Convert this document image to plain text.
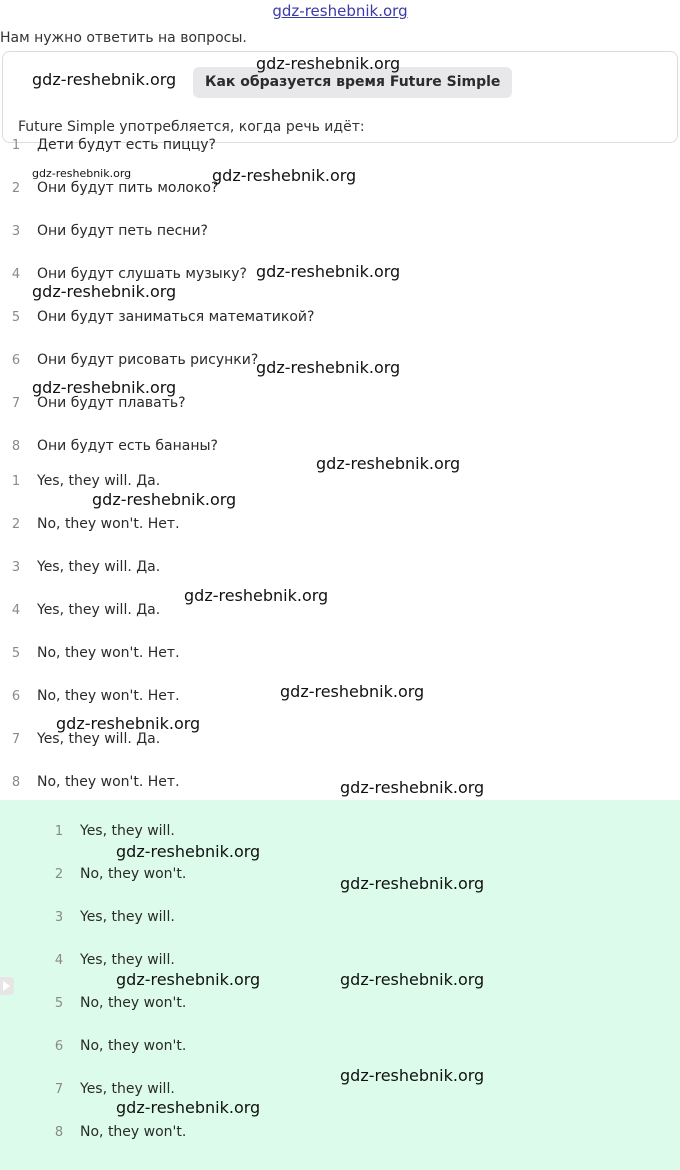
gdz-reshebnik.org
Нам нужно ответить на вопросы.
Как образуется время Future Simple
Future Simple употребляется, когда речь идёт:
1 Дети будут есть пиццу?
2 Они будут пить молоко?
3 Они будут петь песни?
4 Они будут слушать музыку?
5 Они будут заниматься математикой?
6 Они будут рисовать рисунки?
7 Они будут плавать?
8 Они будут есть бананы?
1 Yes, they will. Да.
2 No, they won't. Нет.
3 Yes, they will. Да.
4 Yes, they will. Да.
5 No, they won't. Нет.
6 No, they won't. Нет.
7 Yes, they will. Да.
8 No, they won't. Нет.
1 Yes, they will.
2 No, they won't.
3 Yes, they will.
4 Yes, they will.
5 No, they won't.
6 No, they won't.
7 Yes, they will.
8 No, they won't.
gdz-reshebnik.org
gdz-reshebnik.org
gdz-reshebnik.org	gdz-reshebnik.org
gdz-reshebnik.org
gdz-reshebnik.org
gdz-reshebnik.org
gdz-reshebnik.org
gdz-reshebnik.org
gdz-reshebnik.org
gdz-reshebnik.org
gdz-reshebnik.org
gdz-reshebnik.org
gdz-reshebnik.org
gdz-reshebnik.org
gdz-reshebnik.org
gdz-reshebnik.org	gdz-reshebnik.org
gdz-reshebnik.org
gdz-reshebnik.org
